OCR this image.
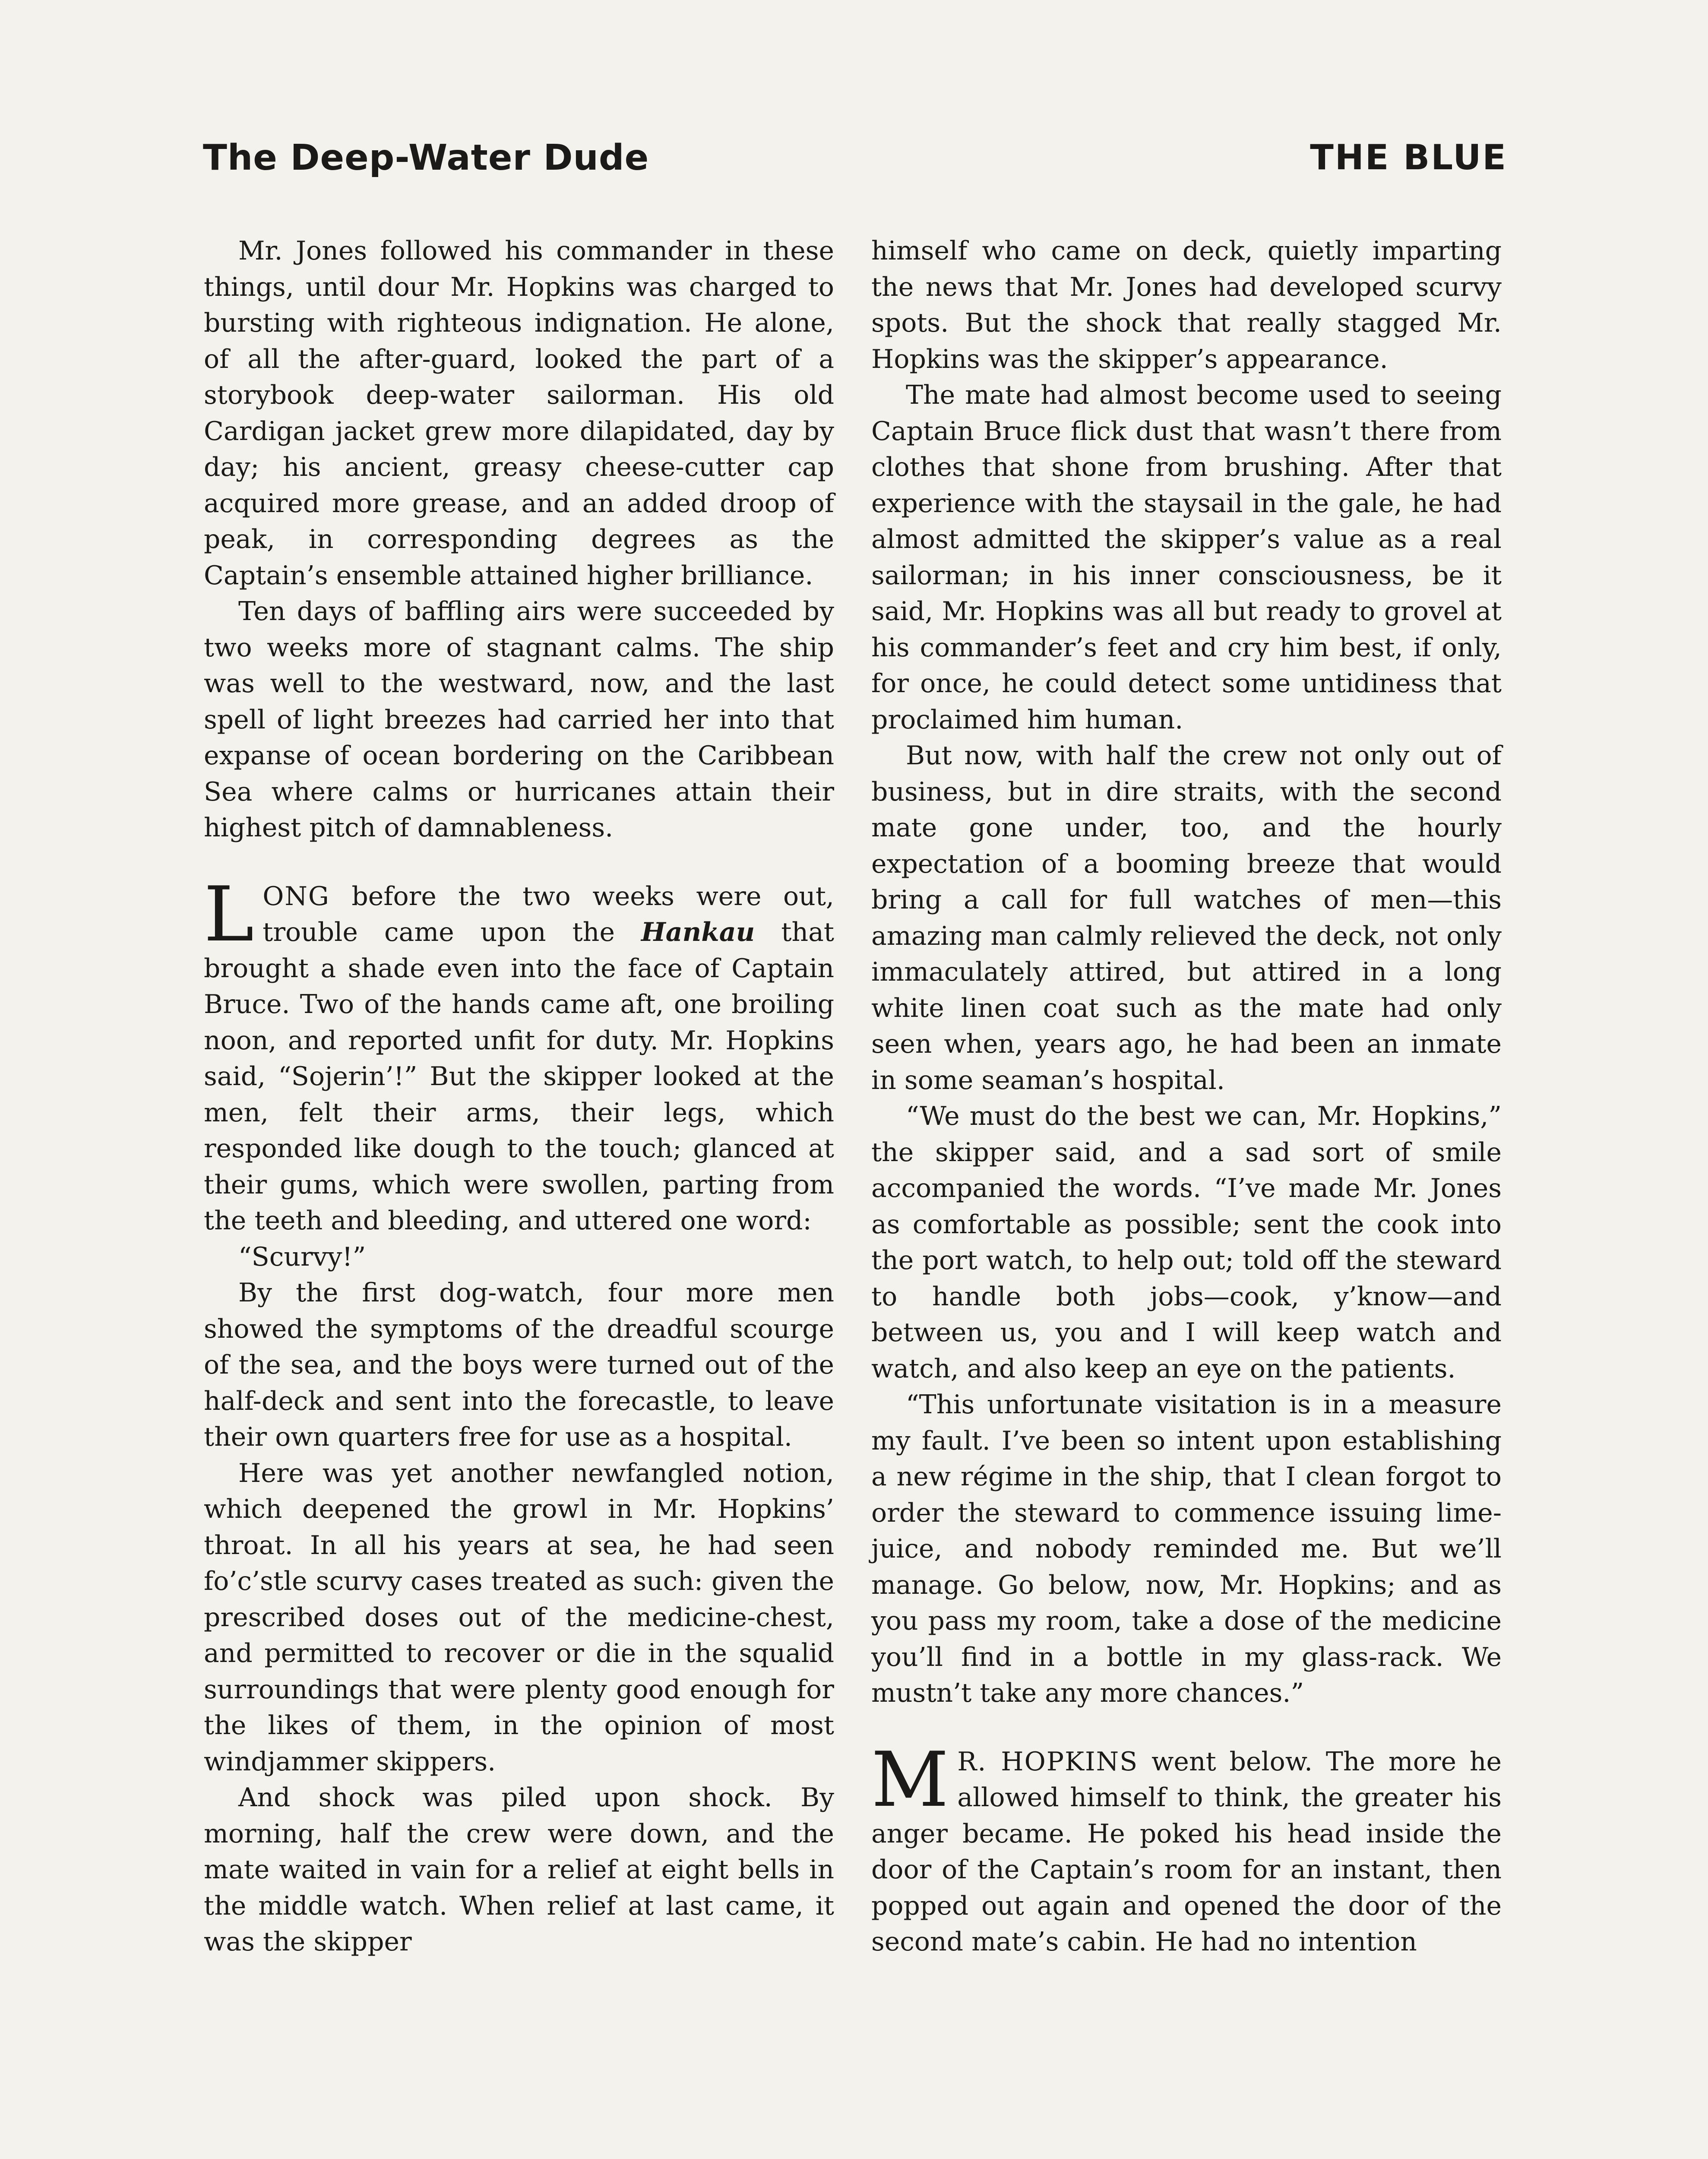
The Deep-Water Dude	THE BLUE

Mr. Jones followed his commander in these things, until dour Mr. Hopkins was charged to bursting with righteous indignation. He alone, of all the after-guard, looked the part of a storybook deep-water sailorman. His old Cardigan jacket grew more dilapidated, day by day; his ancient, greasy cheese-cutter cap acquired more grease, and an added droop of peak, in corresponding degrees as the Captain’s ensemble attained higher brilliance.

Ten days of baffling airs were succeeded by two weeks more of stagnant calms. The ship was well to the westward, now, and the last spell of light breezes had carried her into that expanse of ocean bordering on the Caribbean Sea where calms or hurricanes attain their highest pitch of damnableness.

LONG before the two weeks were out, trouble came upon the Hankau that brought a shade even into the face of Captain Bruce. Two of the hands came aft, one broiling noon, and reported unfit for duty. Mr. Hopkins said, “Sojerin’!” But the skipper looked at the men, felt their arms, their legs, which responded like dough to the touch; glanced at their gums, which were swollen, parting from the teeth and bleeding, and uttered one word:

“Scurvy!”

By the first dog-watch, four more men showed the symptoms of the dreadful scourge of the sea, and the boys were turned out of the half-deck and sent into the forecastle, to leave their own quarters free for use as a hospital.

Here was yet another newfangled notion, which deepened the growl in Mr. Hopkins’ throat. In all his years at sea, he had seen fo’c’stle scurvy cases treated as such: given the prescribed doses out of the medicine-chest, and permitted to recover or die in the squalid surroundings that were plenty good enough for the likes of them, in the opinion of most windjammer skippers.

And shock was piled upon shock. By morning, half the crew were down, and the mate waited in vain for a relief at eight bells in the middle watch. When relief at last came, it was the skipper

himself who came on deck, quietly imparting the news that Mr. Jones had developed scurvy spots. But the shock that really stagged Mr. Hopkins was the skipper’s appearance.

The mate had almost become used to seeing Captain Bruce flick dust that wasn’t there from clothes that shone from brushing. After that experience with the staysail in the gale, he had almost admitted the skipper’s value as a real sailorman; in his inner consciousness, be it said, Mr. Hopkins was all but ready to grovel at his commander’s feet and cry him best, if only, for once, he could detect some untidiness that proclaimed him human.

But now, with half the crew not only out of business, but in dire straits, with the second mate gone under, too, and the hourly expectation of a booming breeze that would bring a call for full watches of men—this amazing man calmly relieved the deck, not only immaculately attired, but attired in a long white linen coat such as the mate had only seen when, years ago, he had been an inmate in some seaman’s hospital.

“We must do the best we can, Mr. Hopkins,” the skipper said, and a sad sort of smile accompanied the words. “I’ve made Mr. Jones as comfortable as possible; sent the cook into the port watch, to help out; told off the steward to handle both jobs—cook, y’know—and between us, you and I will keep watch and watch, and also keep an eye on the patients.

“This unfortunate visitation is in a measure my fault. I’ve been so intent upon establishing a new régime in the ship, that I clean forgot to order the steward to commence issuing lime-juice, and nobody reminded me. But we’ll manage. Go below, now, Mr. Hopkins; and as you pass my room, take a dose of the medicine you’ll find in a bottle in my glass-rack. We mustn’t take any more chances.”

M R. HOPKINS went below. The more he allowed himself to think, the greater his anger became. He poked his head inside the door of the Captain’s room for an instant, then popped out again and opened the door of the second mate’s cabin. He had no intention
